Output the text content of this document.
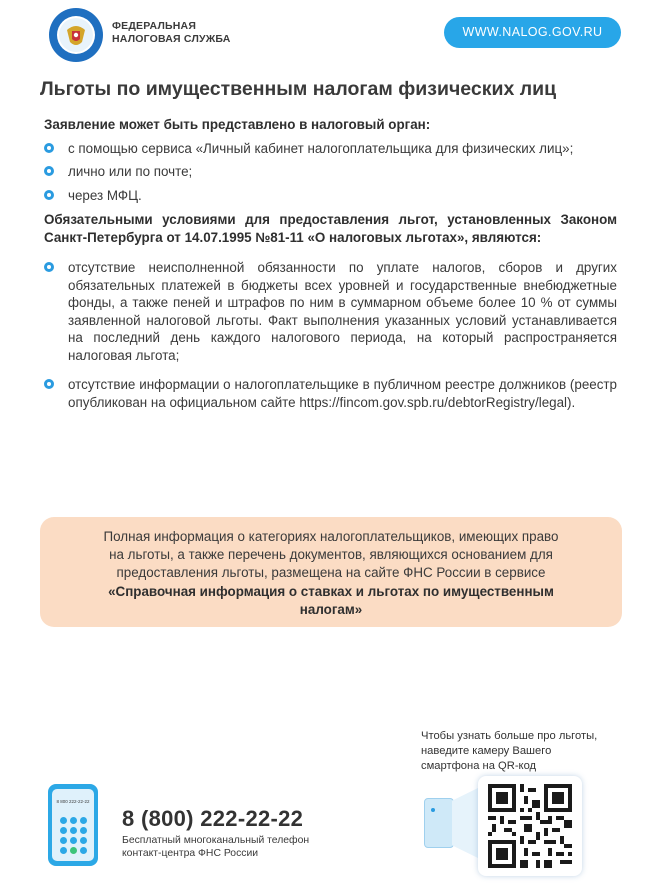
ФЕДЕРАЛЬНАЯ
НАЛОГОВАЯ СЛУЖБА	WWW.NALOG.GOV.RU
Льготы по имущественным налогам физических лиц
Заявление может быть представлено в налоговый орган:
с помощью сервиса «Личный кабинет налогоплательщика для физических лиц»;
лично или по почте;
через МФЦ.
Обязательными условиями для предоставления льгот, установленных Законом Санкт-Петербурга от 14.07.1995 №81-11 «О налоговых льготах», являются:
отсутствие неисполненной обязанности по уплате налогов, сборов и других обязательных платежей в бюджеты всех уровней и государственные внебюджетные фонды, а также пеней и штрафов по ним в суммарном объеме более 10 % от суммы заявленной налоговой льготы. Факт выполнения указанных условий устанавливается на последний день каждого налогового периода, на который распространяется налоговая льгота;
отсутствие информации о налогоплательщике в публичном реестре должников (реестр опубликован на официальном сайте https://fincom.gov.spb.ru/debtorRegistry/legal).
Полная информация о категориях налогоплательщиков, имеющих право на льготы, а также перечень документов, являющихся основанием для предоставления льготы, размещена на сайте ФНС России в сервисе «Справочная информация о ставках и льготах по имущественным налогам»
8 800 222-22-22
8 (800) 222-22-22
Бесплатный многоканальный телефон
контакт-центра ФНС России
Чтобы узнать больше про льготы,
наведите камеру Вашего
смартфона на QR-код
